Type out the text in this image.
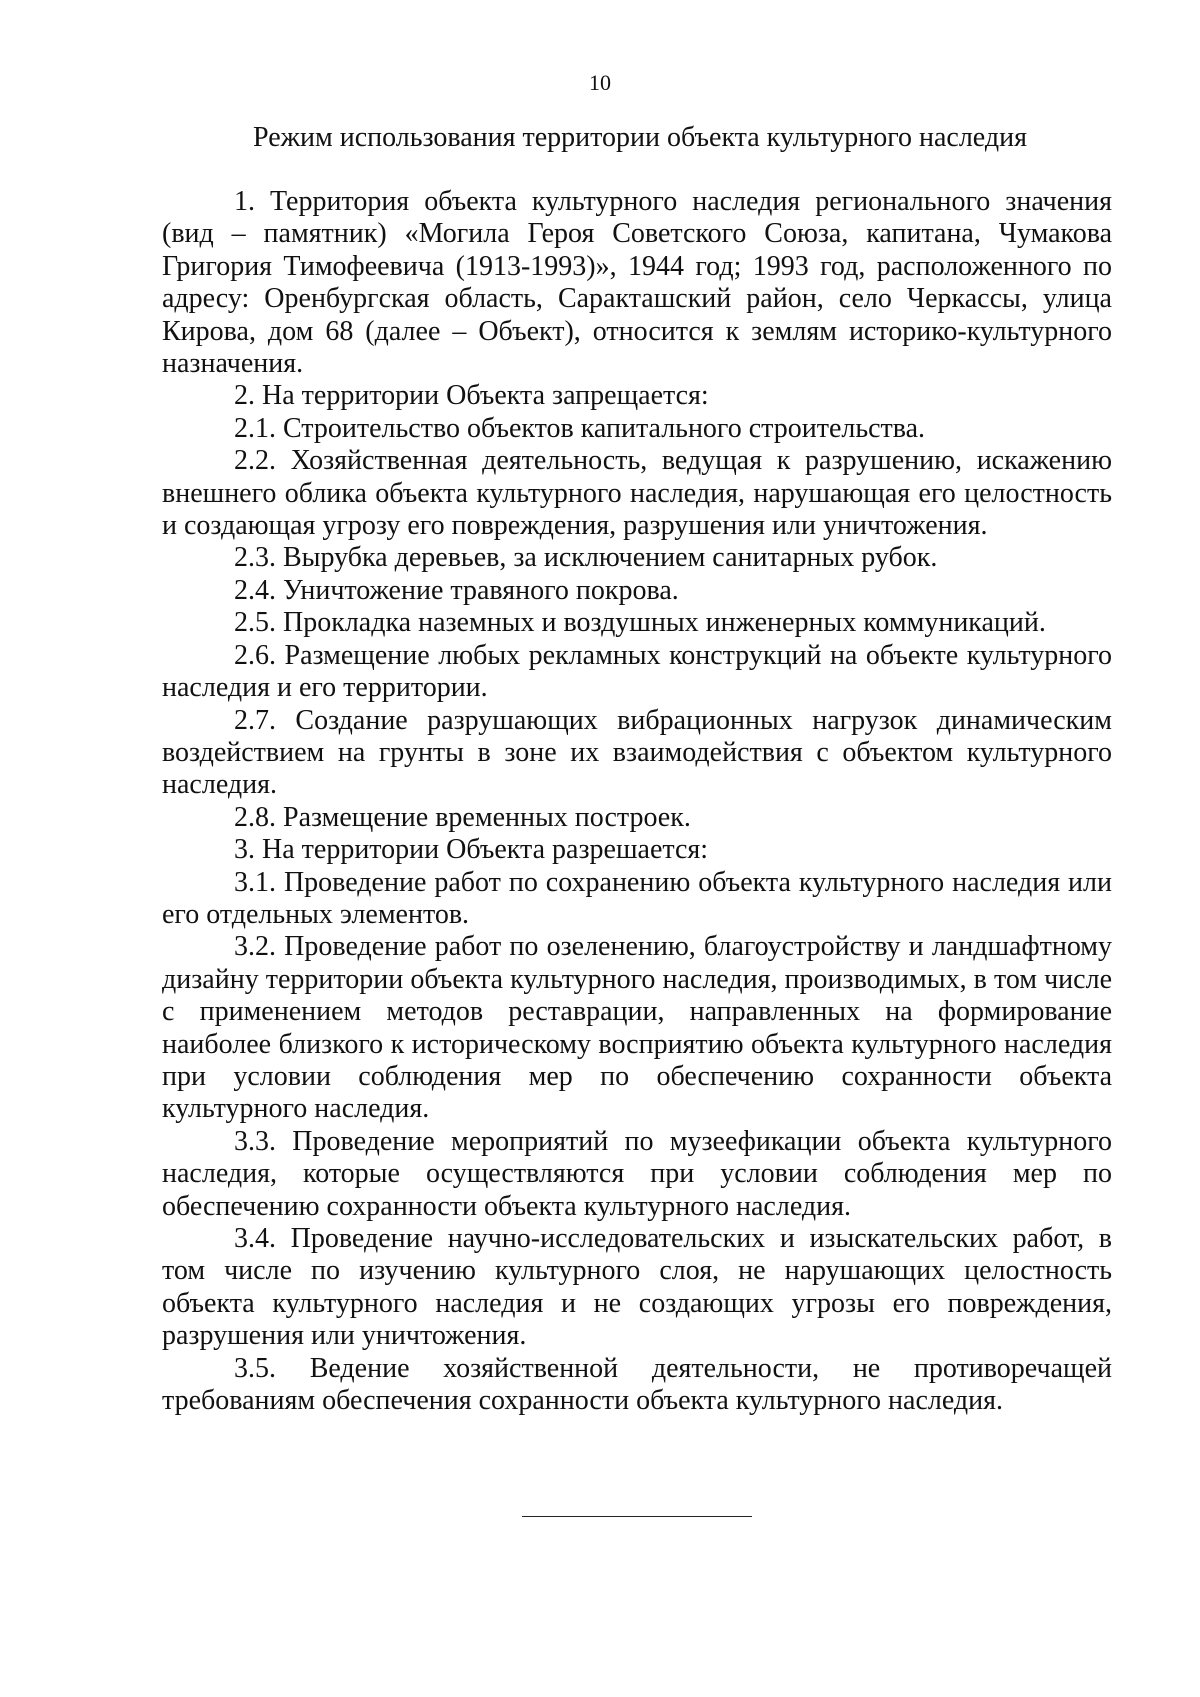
10
Режим использования территории объекта культурного наследия

1. Территория объекта культурного наследия регионального значения (вид – памятник) «Могила Героя Советского Союза, капитана, Чумакова Григория Тимофеевича (1913-1993)», 1944 год; 1993 год, расположенного по адресу: Оренбургская область, Саракташский район, село Черкассы, улица Кирова, дом 68 (далее – Объект), относится к землям историко-культурного назначения.

2. На территории Объекта запрещается:

2.1. Строительство объектов капитального строительства.

2.2. Хозяйственная деятельность, ведущая к разрушению, искажению внешнего облика объекта культурного наследия, нарушающая его целостность и создающая угрозу его повреждения, разрушения или уничтожения.

2.3. Вырубка деревьев, за исключением санитарных рубок.

2.4. Уничтожение травяного покрова.

2.5. Прокладка наземных и воздушных инженерных коммуникаций.

2.6. Размещение любых рекламных конструкций на объекте культурного наследия и его территории.

2.7. Создание разрушающих вибрационных нагрузок динамическим воздействием на грунты в зоне их взаимодействия с объектом культурного наследия.

2.8. Размещение временных построек.

3. На территории Объекта разрешается:

3.1. Проведение работ по сохранению объекта культурного наследия или его отдельных элементов.

3.2. Проведение работ по озеленению, благоустройству и ландшафтному дизайну территории объекта культурного наследия, производимых, в том числе с применением методов реставрации, направленных на формирование наиболее близкого к историческому восприятию объекта культурного наследия при условии соблюдения мер по обеспечению сохранности объекта культурного наследия.

3.3. Проведение мероприятий по музеефикации объекта культурного наследия, которые осуществляются при условии соблюдения мер по обеспечению сохранности объекта культурного наследия.

3.4. Проведение научно-исследовательских и изыскательских работ, в том числе по изучению культурного слоя, не нарушающих целостность объекта культурного наследия и не создающих угрозы его повреждения, разрушения или уничтожения.

3.5. Ведение хозяйственной деятельности, не противоречащей требованиям обеспечения сохранности объекта культурного наследия.
